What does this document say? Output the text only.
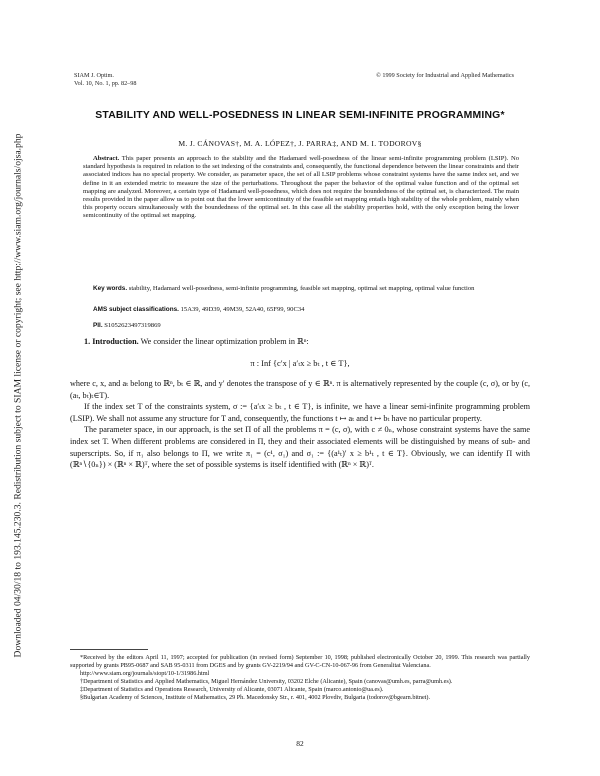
Downloaded 04/30/18 to 193.145.230.3. Redistribution subject to SIAM license or copyright; see http://www.siam.org/journals/ojsa.php
SIAM J. Optim.
Vol. 10, No. 1, pp. 82–98
© 1999 Society for Industrial and Applied Mathematics
STABILITY AND WELL-POSEDNESS IN LINEAR SEMI-INFINITE PROGRAMMING*
M. J. CÁNOVAS†, M. A. LÓPEZ†, J. PARRA‡, AND M. I. TODOROV§
Abstract. This paper presents an approach to the stability and the Hadamard well-posedness of the linear semi-infinite programming problem (LSIP). No standard hypothesis is required in relation to the set indexing of the constraints and, consequently, the functional dependence between the linear constraints and their associated indices has no special property. We consider, as parameter space, the set of all LSIP problems whose constraint systems have the same index set, and we define in it an extended metric to measure the size of the perturbations. Throughout the paper the behavior of the optimal value function and of the optimal set mapping are analyzed. Moreover, a certain type of Hadamard well-posedness, which does not require the boundedness of the optimal set, is characterized. The main results provided in the paper allow us to point out that the lower semicontinuity of the feasible set mapping entails high stability of the whole problem, mainly when this property occurs simultaneously with the boundedness of the optimal set. In this case all the stability properties hold, with the only exception being the lower semicontinuity of the optimal set mapping.
Key words. stability, Hadamard well-posedness, semi-infinite programming, feasible set mapping, optimal set mapping, optimal value function
AMS subject classifications. 15A39, 49D39, 49M39, 52A40, 65F99, 90C34
PII. S1052623497319869
1. Introduction. We consider the linear optimization problem in ℝⁿ:
π : Inf {c′x | a′ₜx ≥ bₜ , t ∈ T},

where c, x, and aₜ belong to ℝⁿ, bₜ ∈ ℝ, and y′ denotes the transpose of y ∈ ℝⁿ. π is alternatively represented by the couple (c, σ), or by (c, (aₜ, bₜ)ₜ∈T).

If the index set T of the constraints system, σ := {a′ₜx ≥ bₜ , t ∈ T}, is infinite, we have a linear semi-infinite programming problem (LSIP). We shall not assume any structure for T and, consequently, the functions t ↦ aₜ and t ↦ bₜ have no particular property.

The parameter space, in our approach, is the set Π of all the problems π = (c, σ), with c ≠ 0ₙ, whose constraint systems have the same index set T. When different problems are considered in Π, they and their associated elements will be distinguished by means of sub- and superscripts. So, if π₁ also belongs to Π, we write π₁ = (c¹, σ₁) and σ₁ := {(a¹ₜ)′ x ≥ b¹ₜ , t ∈ T}. Obviously, we can identify Π with (ℝⁿ∖{0ₙ}) × (ℝⁿ × ℝ)ᵀ, where the set of possible systems is itself identified with (ℝⁿ × ℝ)ᵀ.

*Received by the editors April 11, 1997; accepted for publication (in revised form) September 10, 1998; published electronically October 20, 1999. This research was partially supported by grants PB95-0687 and SAB 95-0311 from DGES and by grants GV-2219/94 and GV-C-CN-10-067-96 from Generalitat Valenciana.
http://www.siam.org/journals/siopt/10-1/31986.html
†Department of Statistics and Applied Mathematics, Miguel Hernández University, 03202 Elche (Alicante), Spain (canovas@umh.es, parra@umh.es).
‡Department of Statistics and Operations Research, University of Alicante, 03071 Alicante, Spain (marco.antonio@ua.es).
§Bulgarian Academy of Sciences, Institute of Mathematics, 29 Ph. Macedonsky Str., r. 401, 4002 Plovdiv, Bulgaria (todorov@bgearn.bitnet).
82
